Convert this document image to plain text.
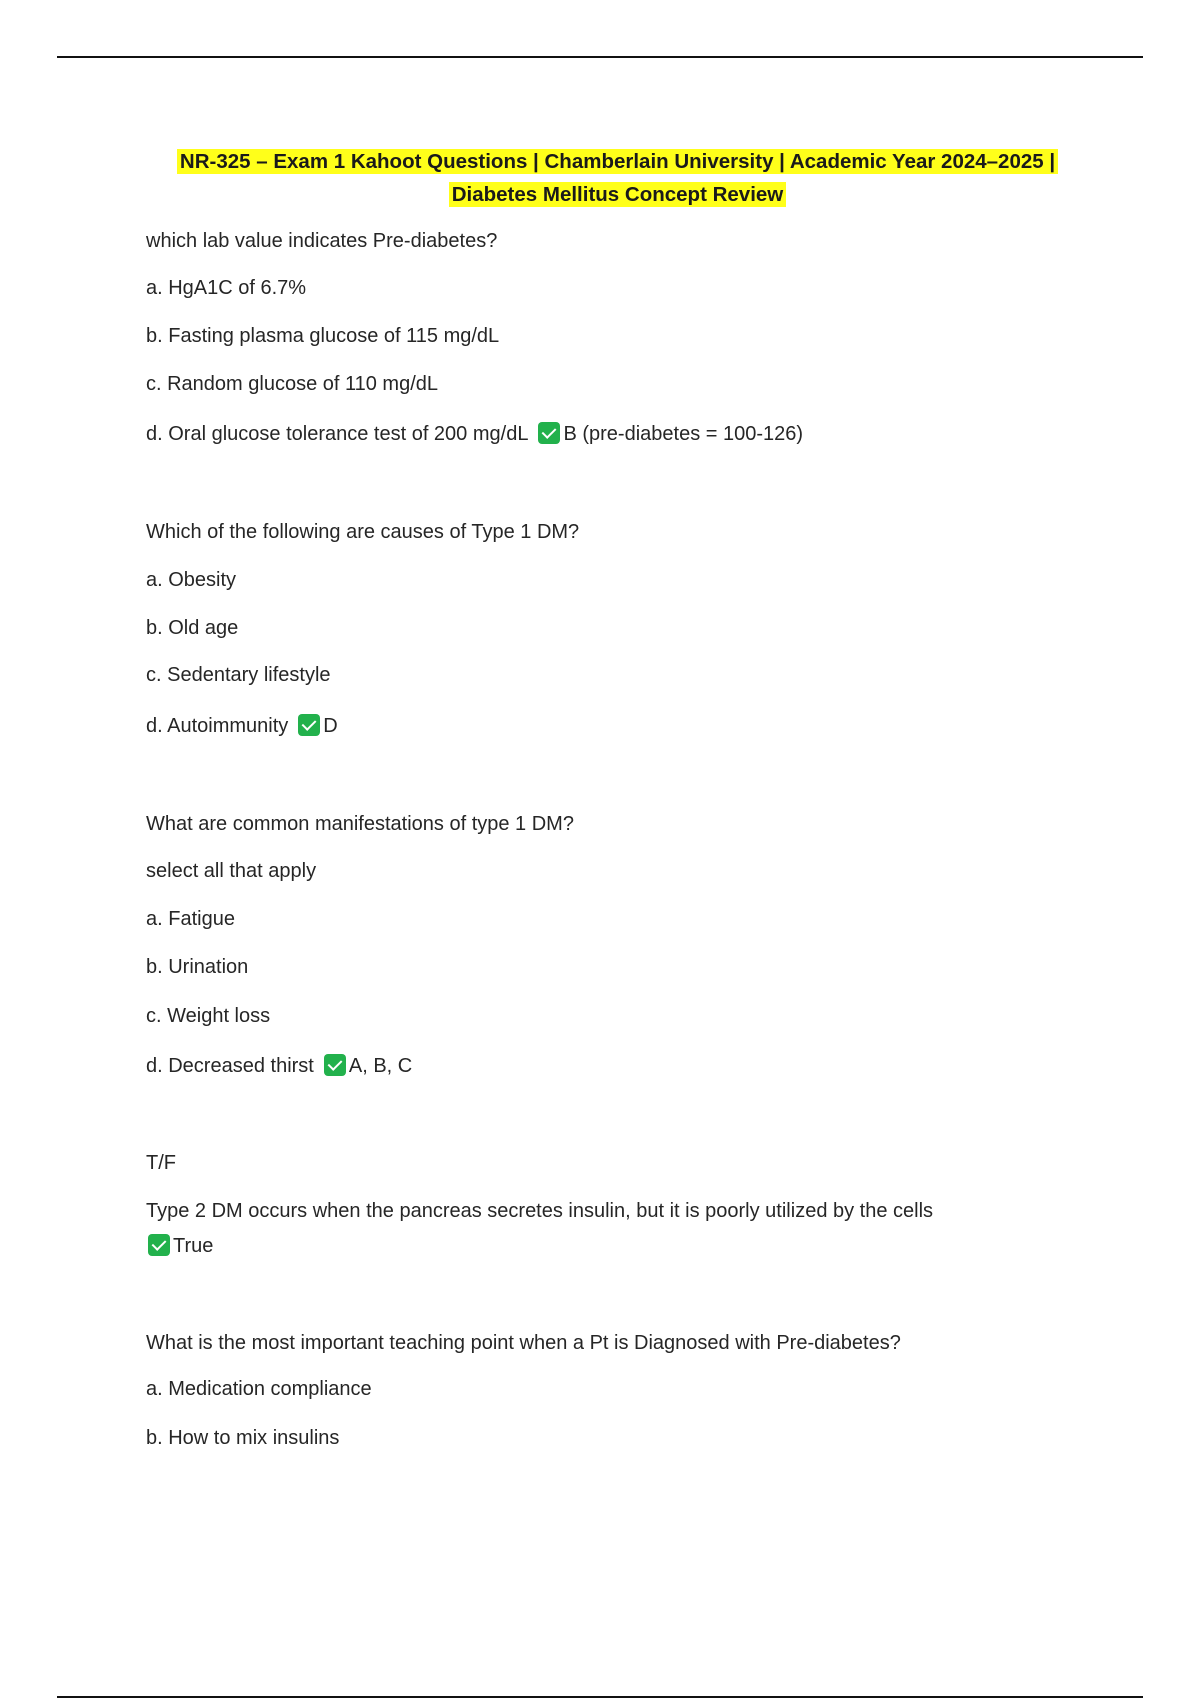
NR-325 – Exam 1 Kahoot Questions | Chamberlain University | Academic Year 2024–2025 |
Diabetes Mellitus Concept Review
which lab value indicates Pre-diabetes?
a. HgA1C of 6.7%
b. Fasting plasma glucose of 115 mg/dL
c. Random glucose of 110 mg/dL
d. Oral glucose tolerance test of 200 mg/dL B (pre-diabetes = 100-126)
Which of the following are causes of Type 1 DM?
a. Obesity
b. Old age
c. Sedentary lifestyle
d. Autoimmunity D
What are common manifestations of type 1 DM?
select all that apply
a. Fatigue
b. Urination
c. Weight loss
d. Decreased thirst A, B, C
T/F
Type 2 DM occurs when the pancreas secretes insulin, but it is poorly utilized by the cells
True
What is the most important teaching point when a Pt is Diagnosed with Pre-diabetes?
a. Medication compliance
b. How to mix insulins
